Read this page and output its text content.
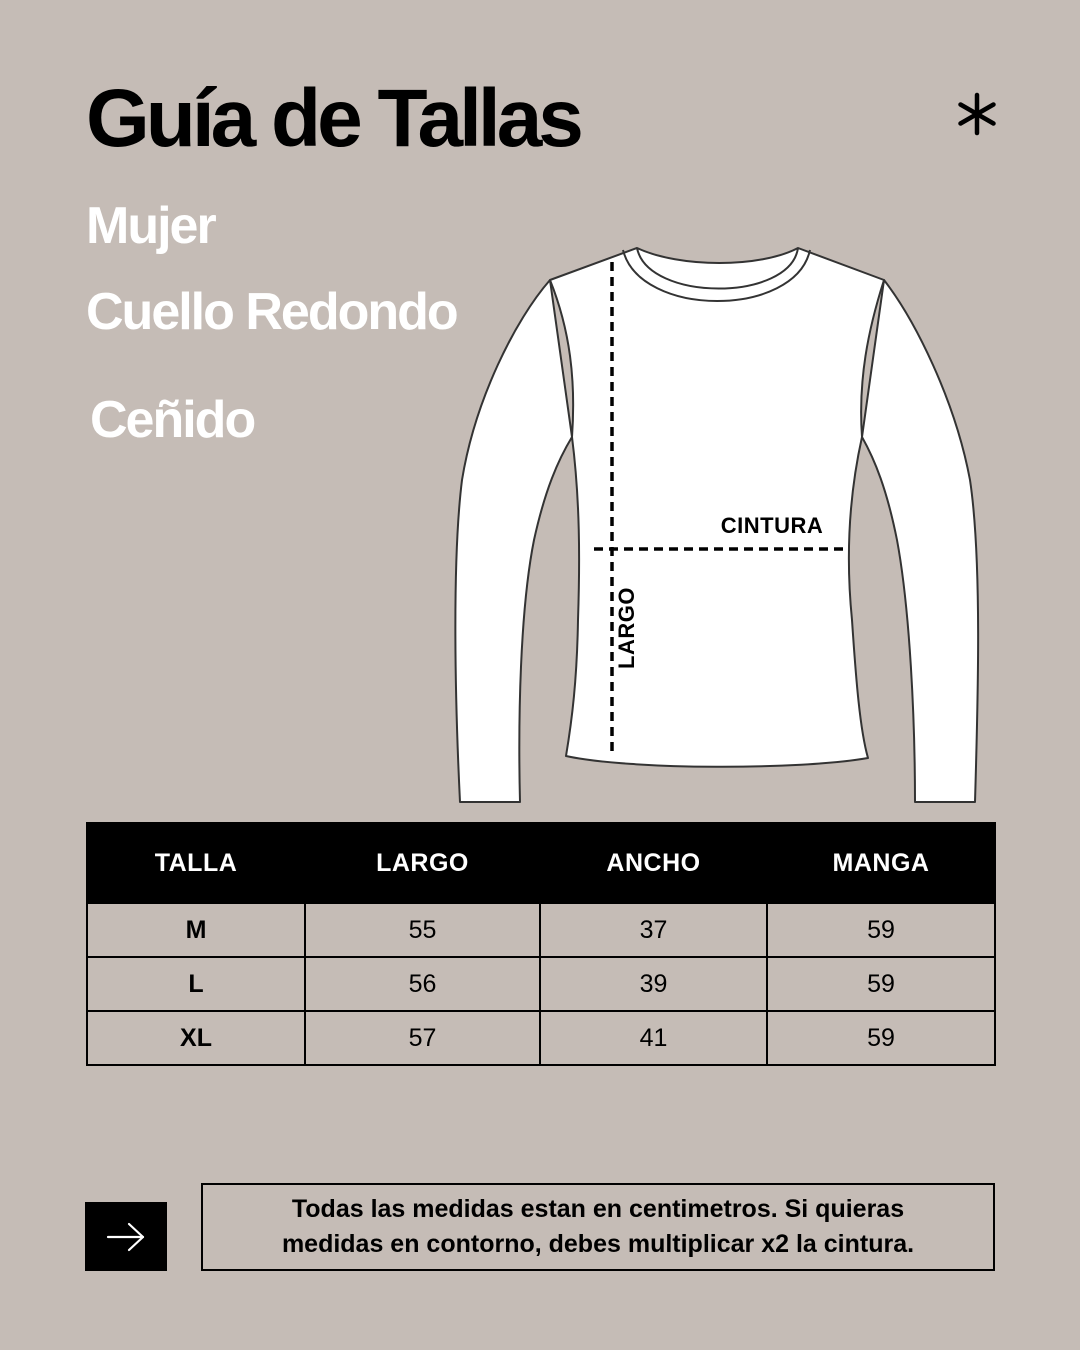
Guía de Tallas

Mujer

Cuello Redondo

Ceñido

CINTURA
LARGO
TALLA	LARGO	ANCHO	MANGA
M	55	37	59
L	56	39	59
XL	57	41	59

Todas las medidas estan en centimetros. Si quieras
medidas en contorno, debes multiplicar x2 la cintura.
